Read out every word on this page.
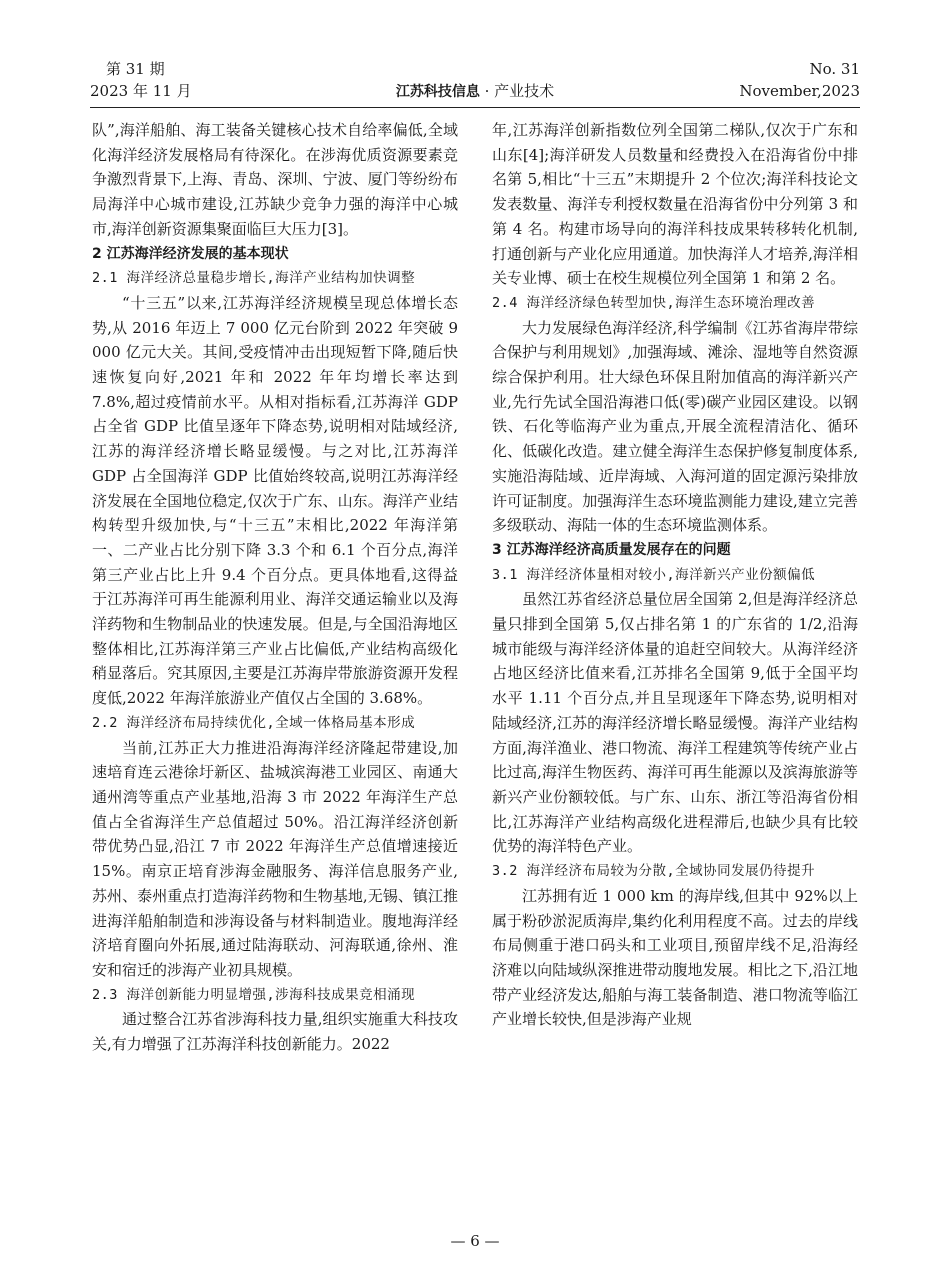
第 31 期
2023 年 11 月	江苏科技信息 · 产业技术
No. 31
November,2023

队”,海洋船舶、海工装备关键核心技术自给率偏低,全域化海洋经济发展格局有待深化。在涉海优质资源要素竞争激烈背景下,上海、青岛、深圳、宁波、厦门等纷纷布局海洋中心城市建设,江苏缺少竞争力强的海洋中心城市,海洋创新资源集聚面临巨大压力[3]。

2 江苏海洋经济发展的基本现状

2.1 海洋经济总量稳步增长,海洋产业结构加快调整

“十三五”以来,江苏海洋经济规模呈现总体增长态势,从 2016 年迈上 7 000 亿元台阶到 2022 年突破 9 000 亿元大关。其间,受疫情冲击出现短暂下降,随后快速恢复向好,2021 年和 2022 年年均增长率达到 7.8%,超过疫情前水平。从相对指标看,江苏海洋 GDP 占全省 GDP 比值呈逐年下降态势,说明相对陆域经济,江苏的海洋经济增长略显缓慢。与之对比,江苏海洋 GDP 占全国海洋 GDP 比值始终较高,说明江苏海洋经济发展在全国地位稳定,仅次于广东、山东。海洋产业结构转型升级加快,与“十三五”末相比,2022 年海洋第一、二产业占比分别下降 3.3 个和 6.1 个百分点,海洋第三产业占比上升 9.4 个百分点。更具体地看,这得益于江苏海洋可再生能源利用业、海洋交通运输业以及海洋药物和生物制品业的快速发展。但是,与全国沿海地区整体相比,江苏海洋第三产业占比偏低,产业结构高级化稍显落后。究其原因,主要是江苏海岸带旅游资源开发程度低,2022 年海洋旅游业产值仅占全国的 3.68%。

2.2 海洋经济布局持续优化,全域一体格局基本形成

当前,江苏正大力推进沿海海洋经济隆起带建设,加速培育连云港徐圩新区、盐城滨海港工业园区、南通大通州湾等重点产业基地,沿海 3 市 2022 年海洋生产总值占全省海洋生产总值超过 50%。沿江海洋经济创新带优势凸显,沿江 7 市 2022 年海洋生产总值增速接近 15%。南京正培育涉海金融服务、海洋信息服务产业,苏州、泰州重点打造海洋药物和生物基地,无锡、镇江推进海洋船舶制造和涉海设备与材料制造业。腹地海洋经济培育圈向外拓展,通过陆海联动、河海联通,徐州、淮安和宿迁的涉海产业初具规模。

2.3 海洋创新能力明显增强,涉海科技成果竞相涌现

通过整合江苏省涉海科技力量,组织实施重大科技攻关,有力增强了江苏海洋科技创新能力。2022

年,江苏海洋创新指数位列全国第二梯队,仅次于广东和山东[4];海洋研发人员数量和经费投入在沿海省份中排名第 5,相比“十三五”末期提升 2 个位次;海洋科技论文发表数量、海洋专利授权数量在沿海省份中分列第 3 和第 4 名。构建市场导向的海洋科技成果转移转化机制,打通创新与产业化应用通道。加快海洋人才培养,海洋相关专业博、硕士在校生规模位列全国第 1 和第 2 名。

2.4 海洋经济绿色转型加快,海洋生态环境治理改善

大力发展绿色海洋经济,科学编制《江苏省海岸带综合保护与利用规划》,加强海域、滩涂、湿地等自然资源综合保护利用。壮大绿色环保且附加值高的海洋新兴产业,先行先试全国沿海港口低(零)碳产业园区建设。以钢铁、石化等临海产业为重点,开展全流程清洁化、循环化、低碳化改造。建立健全海洋生态保护修复制度体系,实施沿海陆域、近岸海域、入海河道的固定源污染排放许可证制度。加强海洋生态环境监测能力建设,建立完善多级联动、海陆一体的生态环境监测体系。

3 江苏海洋经济高质量发展存在的问题

3.1 海洋经济体量相对较小,海洋新兴产业份额偏低

虽然江苏省经济总量位居全国第 2,但是海洋经济总量只排到全国第 5,仅占排名第 1 的广东省的 1/2,沿海城市能级与海洋经济体量的追赶空间较大。从海洋经济占地区经济比值来看,江苏排名全国第 9,低于全国平均水平 1.11 个百分点,并且呈现逐年下降态势,说明相对陆域经济,江苏的海洋经济增长略显缓慢。海洋产业结构方面,海洋渔业、港口物流、海洋工程建筑等传统产业占比过高,海洋生物医药、海洋可再生能源以及滨海旅游等新兴产业份额较低。与广东、山东、浙江等沿海省份相比,江苏海洋产业结构高级化进程滞后,也缺少具有比较优势的海洋特色产业。

3.2 海洋经济布局较为分散,全域协同发展仍待提升

江苏拥有近 1 000 km 的海岸线,但其中 92%以上属于粉砂淤泥质海岸,集约化利用程度不高。过去的岸线布局侧重于港口码头和工业项目,预留岸线不足,沿海经济难以向陆域纵深推进带动腹地发展。相比之下,沿江地带产业经济发达,船舶与海工装备制造、港口物流等临江产业增长较快,但是涉海产业规

— 6 —
